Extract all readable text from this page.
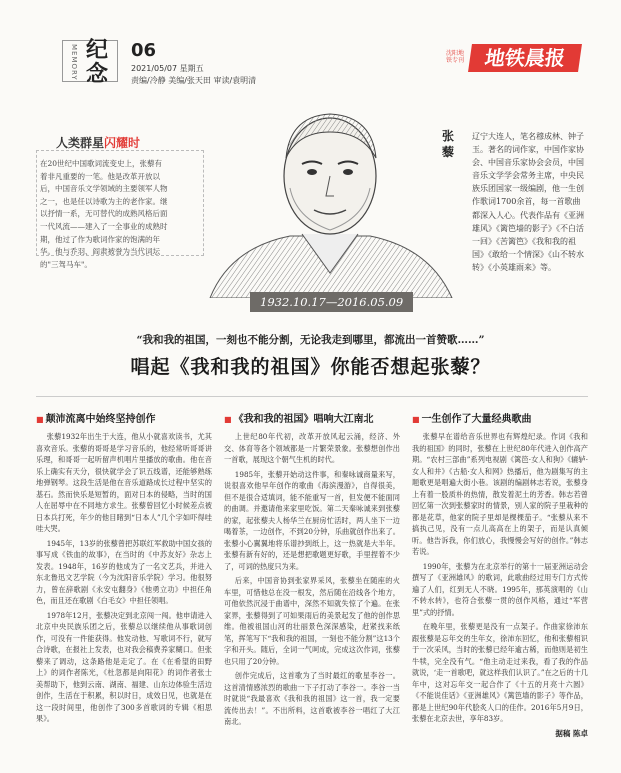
纪念
MEMORY	06
2021/05/07 星期五
责编/冷静 美编/张天田 审读/袁明清
沈阳地铁专刊 地铁晨报
人类群星闪耀时
在20世纪中国歌词流变史上，张藜有着非凡重要的一笔。他是改革开放以后，中国音乐文学领域的主要领军人物之一，也是任以诗歌为主的老作家。继以抒情一系，无可替代的成熟风格后面一代风流——建入了一全事业的成熟时期，他过了作为歌词作家的饱满的年华。他与乔羽、阎肃被誉为当代词坛的"三驾马车"。
1932.10.17—2016.05.09
张藜
辽宁大连人，笔名穆成林、钟子玉。著名的词作家，中国作家协会、中国音乐家协会会员，中国音乐文学学会常务主席，中央民族乐团国家一级编剧，他一生创作歌词1700余首，每一首歌曲都深入人心。代表作品有《亚洲雄风》《篱笆墙的影子》《不白活一回》《苦篱笆》《我和我的祖国》《敢给一个情深》《山不转水转》《小英雄雨来》等。
“我和我的祖国，一刻也不能分割，无论我走到哪里，都流出一首赞歌……”
唱起《我和我的祖国》你能否想起张藜？
■ 颠沛流离中始终坚持创作

张藜1932年出生于大连，他从小就喜欢读书，尤其喜欢音乐。张藜的哥哥是学习音乐的，他经常听哥哥讲乐理，和哥哥一起听留声机唱片里播放的歌曲。他在音乐上确实有天分，很快就学会了识五线谱，还能够熟练地弹钢琴。这段生活是他在音乐道路成长过程中坚实的基石。然而快乐是短暂的，面对日本的侵略，当时的国人在屈辱中在不同地方求生。张藜曾回忆小时候差点被日本兵打死，年少的他目睹到“日本人”几个字如吓得哇哇大哭。

1945年，13岁的张藜曾把苏联红军救助中国女孩的事写成《铁血的故事》，在当时的《中苏友好》杂志上发表。1948年，16岁的他成为了一名文艺兵，并进入东北鲁迅文艺学院（今为沈阳音乐学院）学习。他很努力，曾在辞歌剧《永安屯翻身》《他勇立功》中担任角色，而且还在歌剧《白毛女》中担任领唱。

1978年12月，张藜决定到北京闯一闯。他申请进入北京中央民族乐团之后，张藜总以继续他从事歌词创作，可没有一件能获得。他发动他、写歌词不行，就写合诗歌，在报社上发表，也对我会稿费养家糊口。但张藜来了调动，这条路他是走定了。在《在希望的田野上》的词作者陈光，《杜忽都是向阳花》的词作者张士美帮助下，他到云南、湖南、福建、山东边体验生活边创作，生活在于积累，积以时日，成效日见，也就是在这一段时间里，他创作了300多首歌词的专辑《相思果》。

■ 《我和我的祖国》唱响大江南北

上世纪80年代初，改革开放风起云涌，经济、外交、体育等各个领域都是一片繁荣景象。张藜想创作出一首歌，展现这个朝气生机的时代。

1985年，张藜开始动这件事，和秦咏诚商量来写，说很喜欢他早年创作的歌曲《海滨漫游》，自得很美，但不是很合适填词，能不能重写一首，但发便不能面同的曲调。并邀请他来家里吃饭。第二天秦咏诚来到张藜的家，起张藜夫人杨华兰在厨房忙活时，两人坐下一边喝着茶，一边创作，不到20分钟，乐曲就创作出来了。张藜小心翼翼地将乐谱抄到纸上，这一热就是大半年。张藜有新有好的，还是想把歌题更好歌，手里捏着不少了，可词的热度只为来。

后来，中国音协到张家界采风，张藜坐在随座的火车里，可惜他总在没一根发，然后随在沿线各个地方，可他依然沉浸于曲谱中，深然不知就失惊了个遍。在张家界，张藜得到了可如果雨后的美景起发了他的创作思维。他被祖国山河的壮丽景色深深感染，赶紧找来纸笔，挥笔写下“我和我的祖国，一刻也不能分割”这13个字和开头。随后，全词一气呵成，完成这次作词，张藜也只用了20分钟。

创作完成后，这首歌为了当时最红的歌星李谷一。这首清情感浓烈的歌曲一下子打动了李谷一。李谷一当时就说“我最喜欢《我和我的祖国》这一首，我一定要流传出去！”。不出所料，这首歌被李谷一唱红了大江南北。

■ 一生创作了大量经典歌曲

张藜早在谱给音乐世界也有辉煌纪录。作词《我和我的祖国》的同时，张藜在上世纪80年代进入创作高产期。“农村三部曲”系列电视剧《篱笆·女人和狗》《辘轳·女人和井》《古船·女人和网》热播后，他为剧集写的主题歌更是唱遍大街小巷。该剧的编剧林志若说，张藜身上有着一股质朴的热情，散发着泥土的芳香。韩志若曾回忆第一次到张藜家时的情景，别人家的院子里栽种的都是花草，他家的院子里却是棵棵茄子。“张藜从来不搞执己见，没有一点儿高高在上的架子，而是认真倾听。他告诉我，你们放心，我慢慢会写好的创作。”韩志若说。

1990年，张藜为在北京举行的第十一届亚洲运动会撰写了《亚洲雄风》的歌词，此歌曲经过用专门方式传遍了人们，红到无人不晓。1995年，那英演唱的《山不转水转》，也符合张藜一贯的创作风格，通过“军营里”式的抒情。

在晚年里，张藜更是没有一点架子。作曲家徐沛东跟张藜是忘年交的生年女，徐沛东回忆，他和张藜相识于一次采风，当时的张藜已经年逾古稀，而他则是初生牛犊，完全没有气。“他主动走过来我，看了我的作品就说，‘走一首歌吧，就这样我们认识了。”在之后的十几年中，这对忘年交一起合作了《十五的月亮十六圆》《不能说佳话》《亚洲雄风》《篱笆墙的影子》等作品，都是上世纪90年代脍炙人口的佳作。2016年5月9日，张藜在北京去世，享年83岁。

据稿 陈卓
